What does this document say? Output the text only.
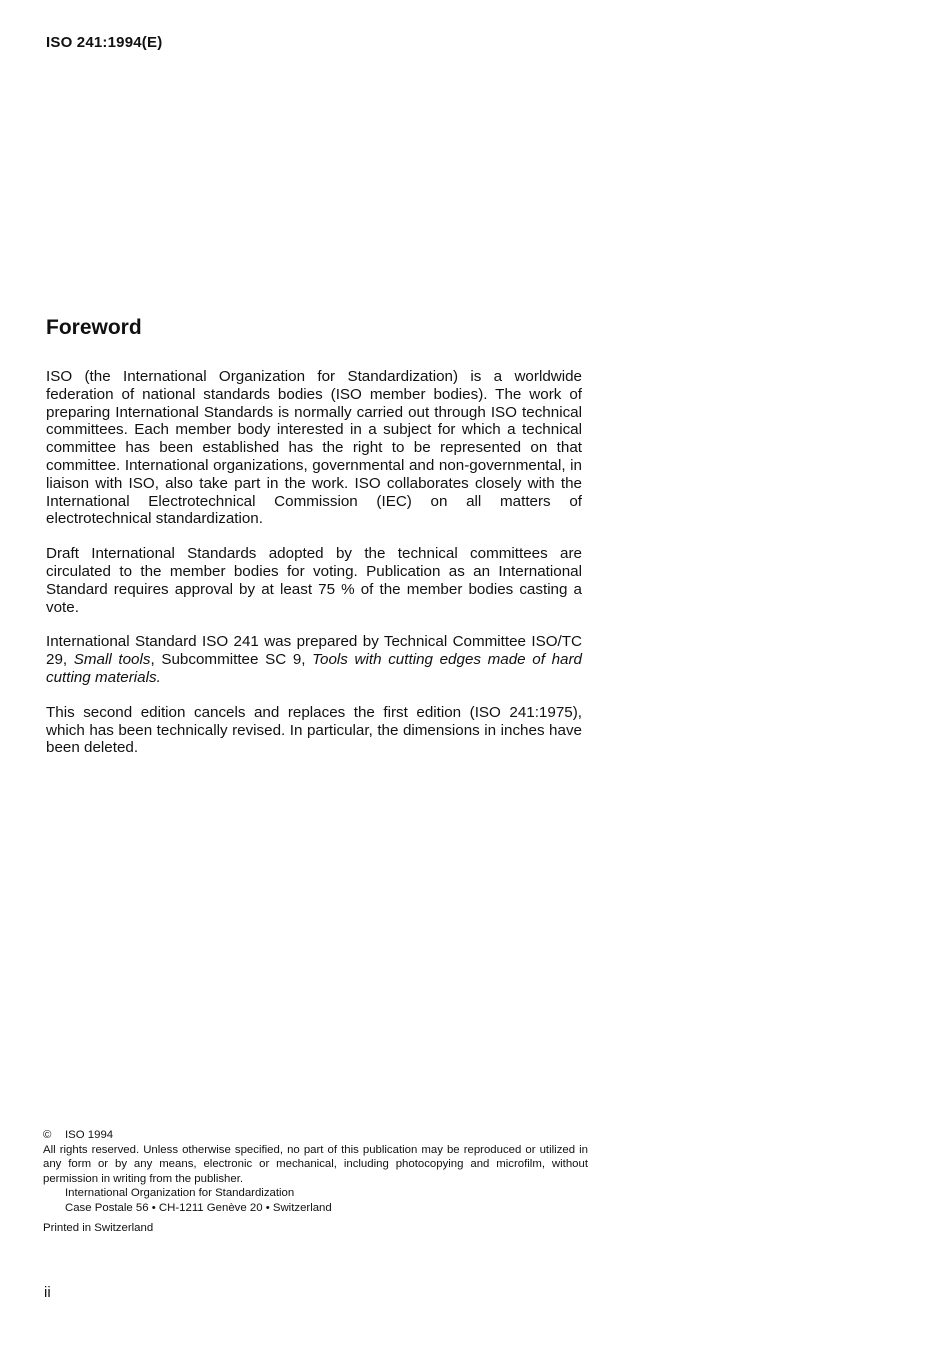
ISO 241:1994(E)
Foreword

ISO (the International Organization for Standardization) is a worldwide federation of national standards bodies (ISO member bodies). The work of preparing International Standards is normally carried out through ISO technical committees. Each member body interested in a subject for which a technical committee has been established has the right to be represented on that committee. International organizations, governmental and non-governmental, in liaison with ISO, also take part in the work. ISO collaborates closely with the International Electrotechnical Commission (IEC) on all matters of electrotechnical standardization.

Draft International Standards adopted by the technical committees are circulated to the member bodies for voting. Publication as an International Standard requires approval by at least 75 % of the member bodies casting a vote.

International Standard ISO 241 was prepared by Technical Committee ISO/TC 29, Small tools, Subcommittee SC 9, Tools with cutting edges made of hard cutting materials.

This second edition cancels and replaces the first edition (ISO 241:1975), which has been technically revised. In particular, the dimensions in inches have been deleted.

© ISO 1994
All rights reserved. Unless otherwise specified, no part of this publication may be reproduced or utilized in any form or by any means, electronic or mechanical, including photocopying and microfilm, without permission in writing from the publisher.
International Organization for Standardization
Case Postale 56 • CH-1211 Genève 20 • Switzerland
Printed in Switzerland
ii
